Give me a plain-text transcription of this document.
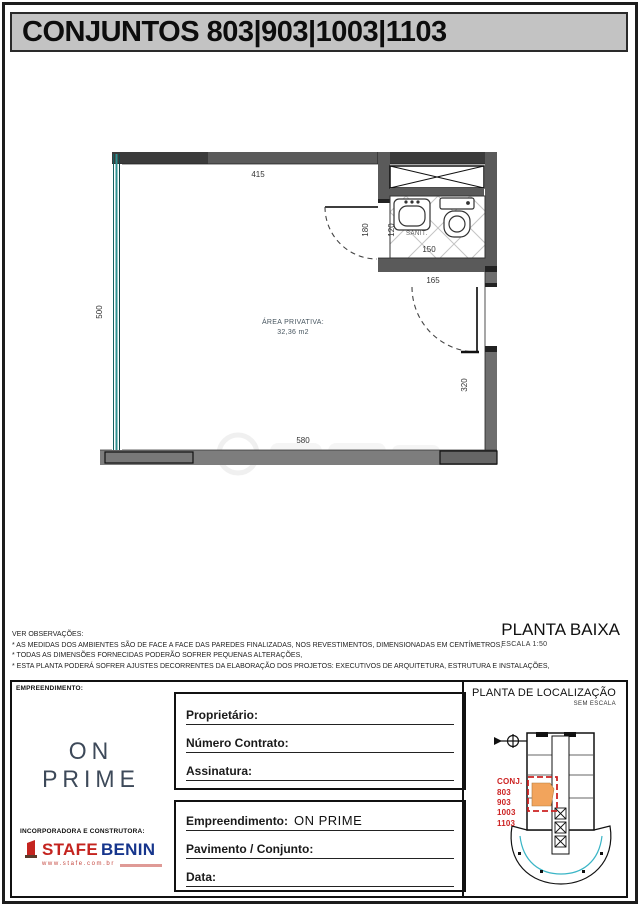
CONJUNTOS 803|903|1003|1103
SANIT.
415
500
580
320
180 120
150
165
ÁREA PRIVATIVA:
32,36 m2
PLANTA BAIXA
ESCALA 1:50
VER OBSERVAÇÕES:
* AS MEDIDAS DOS AMBIENTES SÃO DE FACE A FACE DAS PAREDES FINALIZADAS, NOS REVESTIMENTOS, DIMENSIONADAS EM CENTÍMETROS,
* TODAS AS DIMENSÕES FORNECIDAS PODERÃO SOFRER PEQUENAS ALTERAÇÕES,
* ESTA PLANTA PODERÁ SOFRER AJUSTES DECORRENTES DA ELABORAÇÃO DOS PROJETOS: EXECUTIVOS DE ARQUITETURA, ESTRUTURA E INSTALAÇÕES,
EMPREENDIMENTO:
ON PRIME
INCORPORADORA E CONSTRUTORA:
STAFE BENIN
www.stafe.com.br
Proprietário:
Número Contrato:
Assinatura:
Empreendimento: ON PRIME
Pavimento / Conjunto:
Data:
PLANTA DE LOCALIZAÇÃO
SEM ESCALA
CONJ.
803
903
1003
1103
